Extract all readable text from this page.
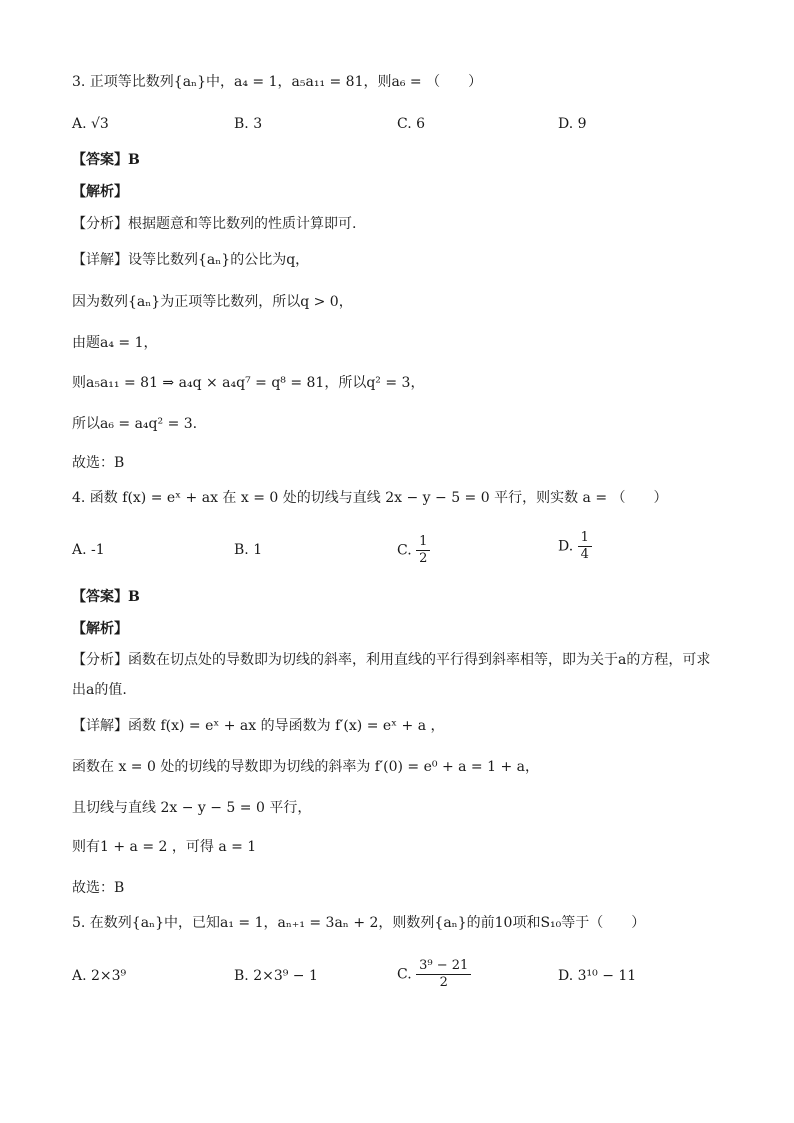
3. 正项等比数列{aₙ}中，a₄ = 1，a₅a₁₁ = 81，则a₆ = （　　）
A. √3	B. 3	C. 6	D. 9
【答案】B
【解析】
【分析】根据题意和等比数列的性质计算即可.
【详解】设等比数列{aₙ}的公比为q，
因为数列{aₙ}为正项等比数列，所以q > 0，
由题a₄ = 1，
则a₅a₁₁ = 81 ⇒ a₄q × a₄q⁷ = q⁸ = 81，所以q² = 3，
所以a₆ = a₄q² = 3.
故选：B
4. 函数 f(x) = eˣ + ax 在 x = 0 处的切线与直线 2x − y − 5 = 0 平行，则实数 a = （　　）
A. -1	B. 1	C. $\frac{1}{2}$	D. $\frac{1}{4}$
【答案】B
【解析】
【分析】函数在切点处的导数即为切线的斜率，利用直线的平行得到斜率相等，即为关于a的方程，可求
出a的值.
【详解】函数 f(x) = eˣ + ax 的导函数为 f′(x) = eˣ + a ，
函数在 x = 0 处的切线的导数即为切线的斜率为 f′(0) = e⁰ + a = 1 + a，
且切线与直线 2x − y − 5 = 0 平行，
则有1 + a = 2 ，可得 a = 1
故选：B
5. 在数列{aₙ}中，已知a₁ = 1，aₙ₊₁ = 3aₙ + 2，则数列{aₙ}的前10项和S₁₀等于（　　）
A. 2×3⁹	B. 2×3⁹ − 1	C. $\frac{\text{3⁹ − 21}}{2}$	D. 3¹⁰ − 11
